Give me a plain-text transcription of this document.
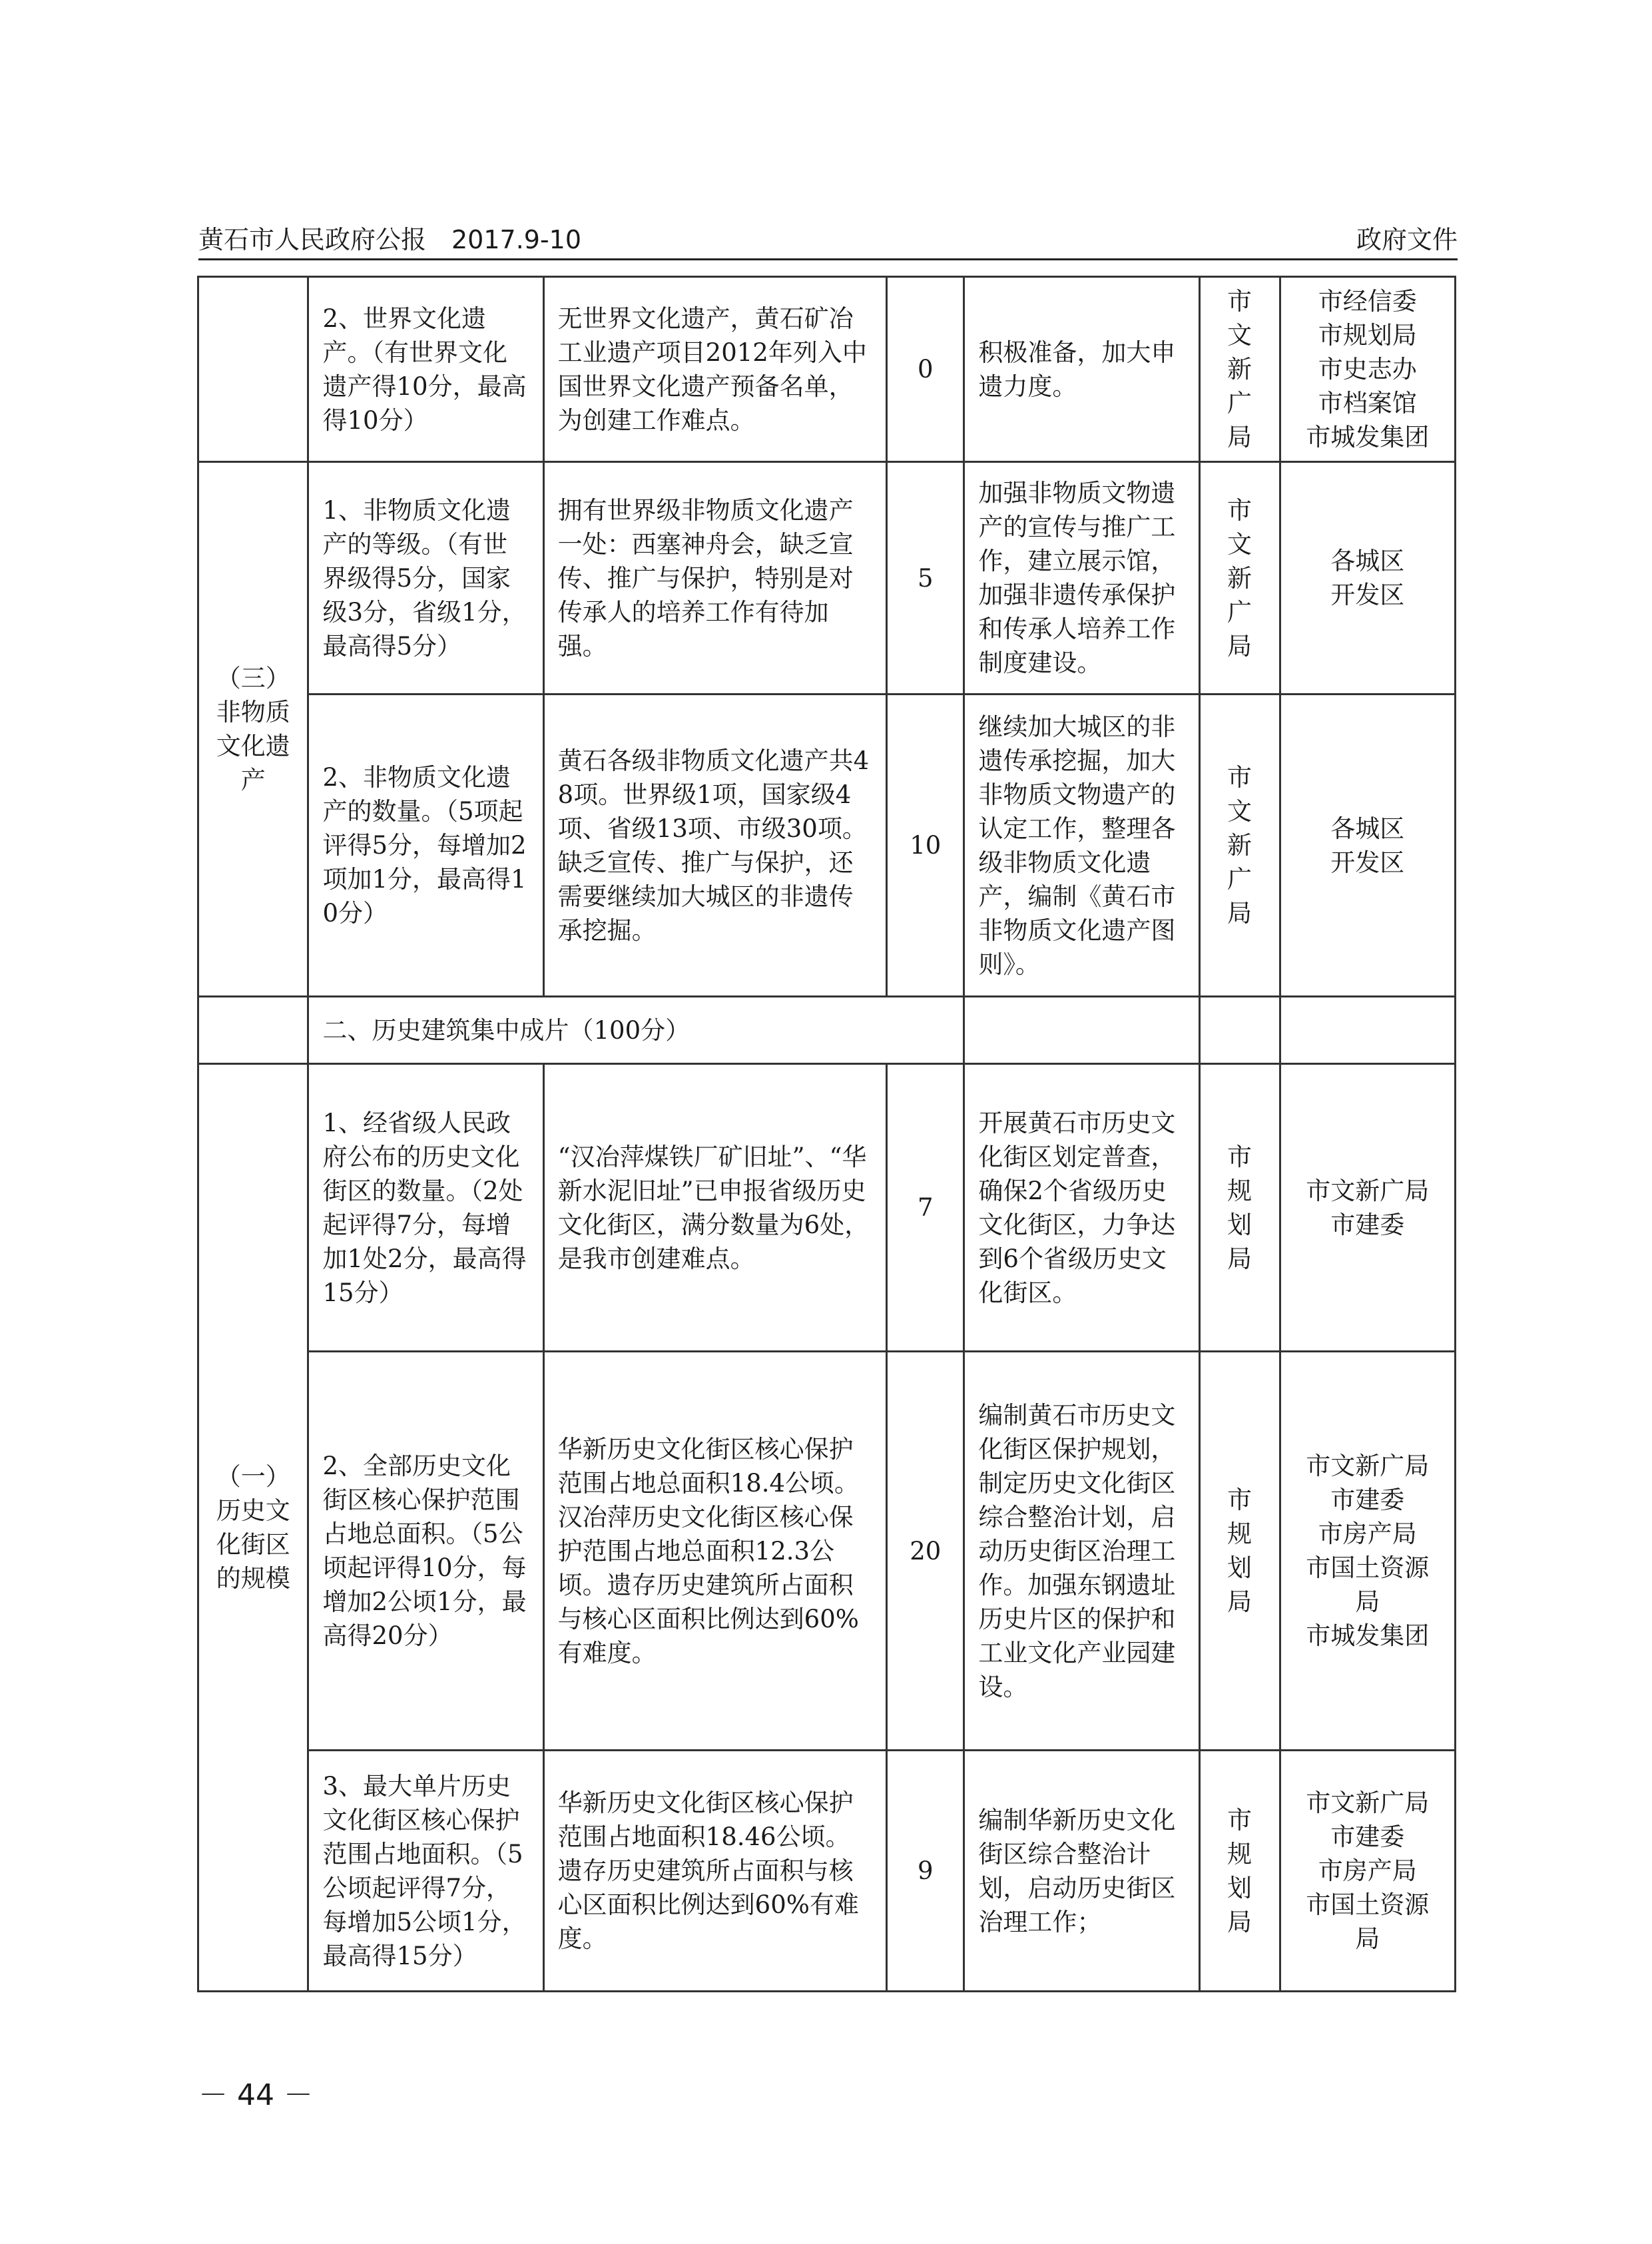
黄石市人民政府公报　2017.9-10	政府文件
	2、世界文化遗产。（有世界文化遗产得10分，最高得10分）	无世界文化遗产，黄石矿冶工业遗产项目2012年列入中国世界文化遗产预备名单，为创建工作难点。	0	积极准备，加大申遗力度。	市文新广局	市经信委
市规划局
市史志办
市档案馆
市城发集团

（三）
非物质
文化遗
产	1、非物质文化遗产的等级。（有世界级得5分，国家级3分，省级1分，最高得5分）	拥有世界级非物质文化遗产一处：西塞神舟会，缺乏宣传、推广与保护，特别是对传承人的培养工作有待加强。	5	加强非物质文物遗产的宣传与推广工作，建立展示馆，加强非遗传承保护和传承人培养工作制度建设。	市文新广局	各城区
开发区

	2、非物质文化遗产的数量。（5项起评得5分，每增加2项加1分，最高得10分）	黄石各级非物质文化遗产共48项。世界级1项，国家级4项、省级13项、市级30项。缺乏宣传、推广与保护，还需要继续加大城区的非遗传承挖掘。	10	继续加大城区的非遗传承挖掘，加大非物质文物遗产的认定工作，整理各级非物质文化遗产，编制《黄石市非物质文化遗产图则》。	市文新广局	各城区
开发区

	二、历史建筑集中成片（100分）					

（一）
历史文
化街区
的规模	1、经省级人民政府公布的历史文化街区的数量。（2处起评得7分，每增加1处2分，最高得15分）	“汉冶萍煤铁厂矿旧址”、“华新水泥旧址”已申报省级历史文化街区，满分数量为6处，是我市创建难点。	7	开展黄石市历史文化街区划定普查，确保2个省级历史文化街区，力争达到6个省级历史文化街区。	市规划局	市文新广局
市建委

	2、全部历史文化街区核心保护范围占地总面积。（5公顷起评得10分，每增加2公顷1分，最高得20分）	华新历史文化街区核心保护范围占地总面积18.4公顷。汉冶萍历史文化街区核心保护范围占地总面积12.3公顷。遗存历史建筑所占面积与核心区面积比例达到60%有难度。	20	编制黄石市历史文化街区保护规划，制定历史文化街区综合整治计划，启动历史街区治理工作。加强东钢遗址历史片区的保护和工业文化产业园建设。	市规划局	市文新广局
市建委
市房产局
市国土资源局
市城发集团

	3、最大单片历史文化街区核心保护范围占地面积。（5公顷起评得7分，每增加5公顷1分，最高得15分）	华新历史文化街区核心保护范围占地面积18.46公顷。遗存历史建筑所占面积与核心区面积比例达到60%有难度。	9	编制华新历史文化街区综合整治计划，启动历史街区治理工作；	市规划局	市文新广局
市建委
市房产局
市国土资源局
－ 44 －
